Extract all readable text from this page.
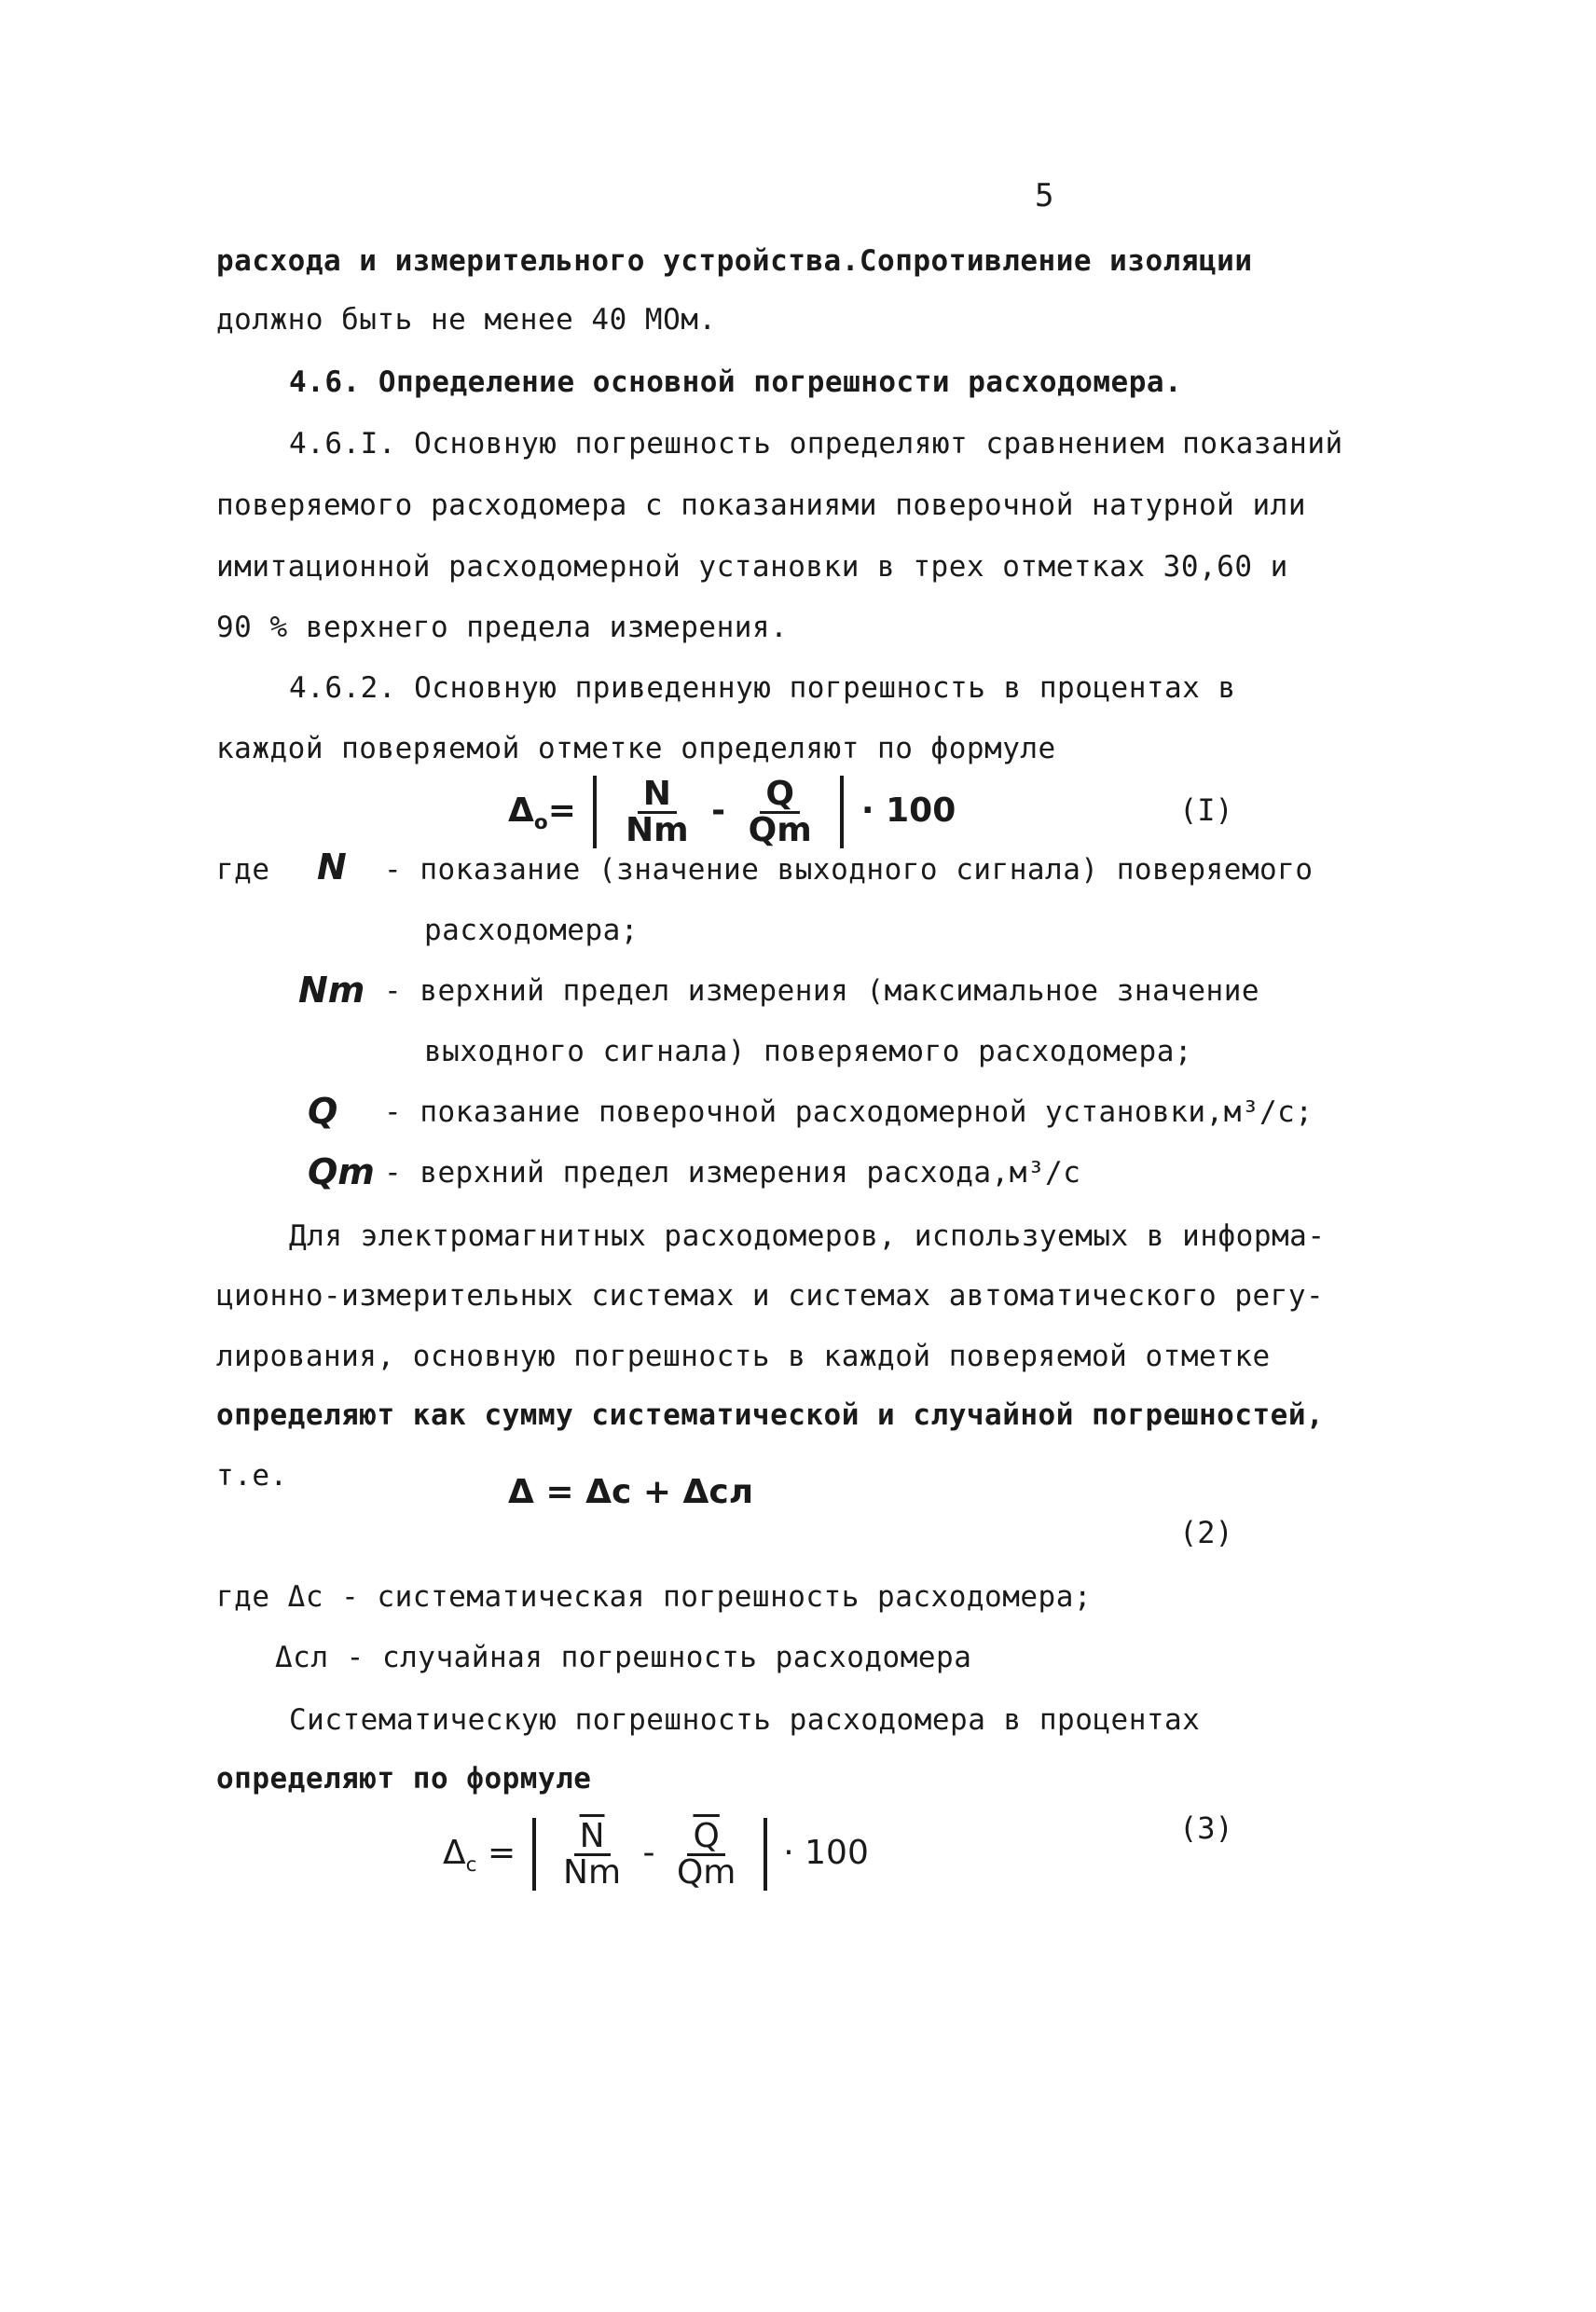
5
расхода и измерительного устройства.Сопротивление изоляции
должно быть не менее 40 МОм.
4.6. Определение основной погрешности расходомера.
4.6.I. Основную погрешность определяют сравнением показаний
поверяемого расходомера с показаниями поверочной натурной или
имитационной расходомерной установки в трех отметках 30,60 и
90 % верхнего предела измерения.
4.6.2. Основную приведенную погрешность в процентах в
каждой поверяемой отметке определяют по формуле
$\Delta_о= \frac{N}{Nm} - \frac{Q}{Qm} \cdot 100$	(I)
где N - показание (значение выходного сигнала) поверяемого
расходомера;
Nm - верхний предел измерения (максимальное значение
выходного сигнала) поверяемого расходомера;
Q - показание поверочной расходомерной установки,м³/с;
Qm - верхний предел измерения расхода,м³/с
Для электромагнитных расходомеров, используемых в информа-
ционно-измерительных системах и системах автоматического регу-
лирования, основную погрешность в каждой поверяемой отметке
определяют как сумму систематической и случайной погрешностей,
т.е.	Δ = Δс + Δсл
(2)
где Δс - систематическая погрешность расходомера;
Δсл - случайная погрешность расходомера
Систематическую погрешность расходомера в процентах
определяют по формуле
$\Delta_с = \frac{\overline{N}}{Nm} - \frac{\overline{Q}}{Qm} \cdot 100$
(3)
